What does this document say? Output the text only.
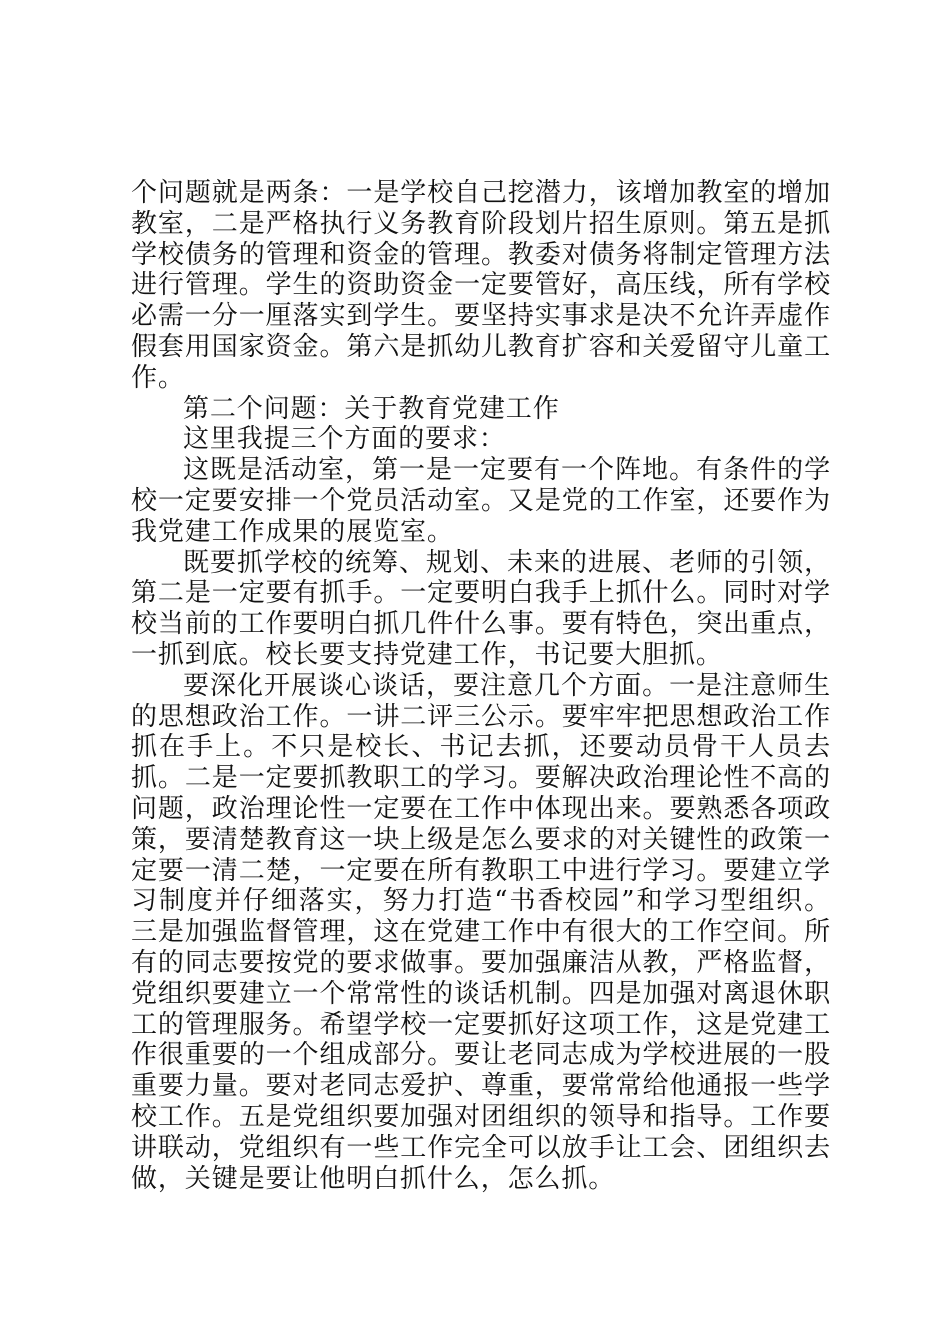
个问题就是两条：一是学校自己挖潜力，该增加教室的增加教室，二是严格执行义务教育阶段划片招生原则。第五是抓学校债务的管理和资金的管理。教委对债务将制定管理方法进行管理。学生的资助资金一定要管好，高压线，所有学校必需一分一厘落实到学生。要坚持实事求是决不允许弄虚作假套用国家资金。第六是抓幼儿教育扩容和关爱留守儿童工作。

第二个问题：关于教育党建工作

这里我提三个方面的要求：

这既是活动室，第一是一定要有一个阵地。有条件的学校一定要安排一个党员活动室。又是党的工作室，还要作为我党建工作成果的展览室。

既要抓学校的统筹、规划、未来的进展、老师的引领，第二是一定要有抓手。一定要明白我手上抓什么。同时对学校当前的工作要明白抓几件什么事。要有特色，突出重点，一抓到底。校长要支持党建工作，书记要大胆抓。

要深化开展谈心谈话，要注意几个方面。一是注意师生的思想政治工作。一讲二评三公示。要牢牢把思想政治工作抓在手上。不只是校长、书记去抓，还要动员骨干人员去抓。二是一定要抓教职工的学习。要解决政治理论性不高的问题，政治理论性一定要在工作中体现出来。要熟悉各项政策，要清楚教育这一块上级是怎么要求的对关键性的政策一定要一清二楚，一定要在所有教职工中进行学习。要建立学习制度并仔细落实，努力打造“书香校园”和学习型组织。三是加强监督管理，这在党建工作中有很大的工作空间。所有的同志要按党的要求做事。要加强廉洁从教，严格监督，党组织要建立一个常常性的谈话机制。四是加强对离退休职工的管理服务。希望学校一定要抓好这项工作，这是党建工作很重要的一个组成部分。要让老同志成为学校进展的一股重要力量。要对老同志爱护、尊重，要常常给他通报一些学校工作。五是党组织要加强对团组织的领导和指导。工作要讲联动，党组织有一些工作完全可以放手让工会、团组织去做，关键是要让他明白抓什么，怎么抓。
